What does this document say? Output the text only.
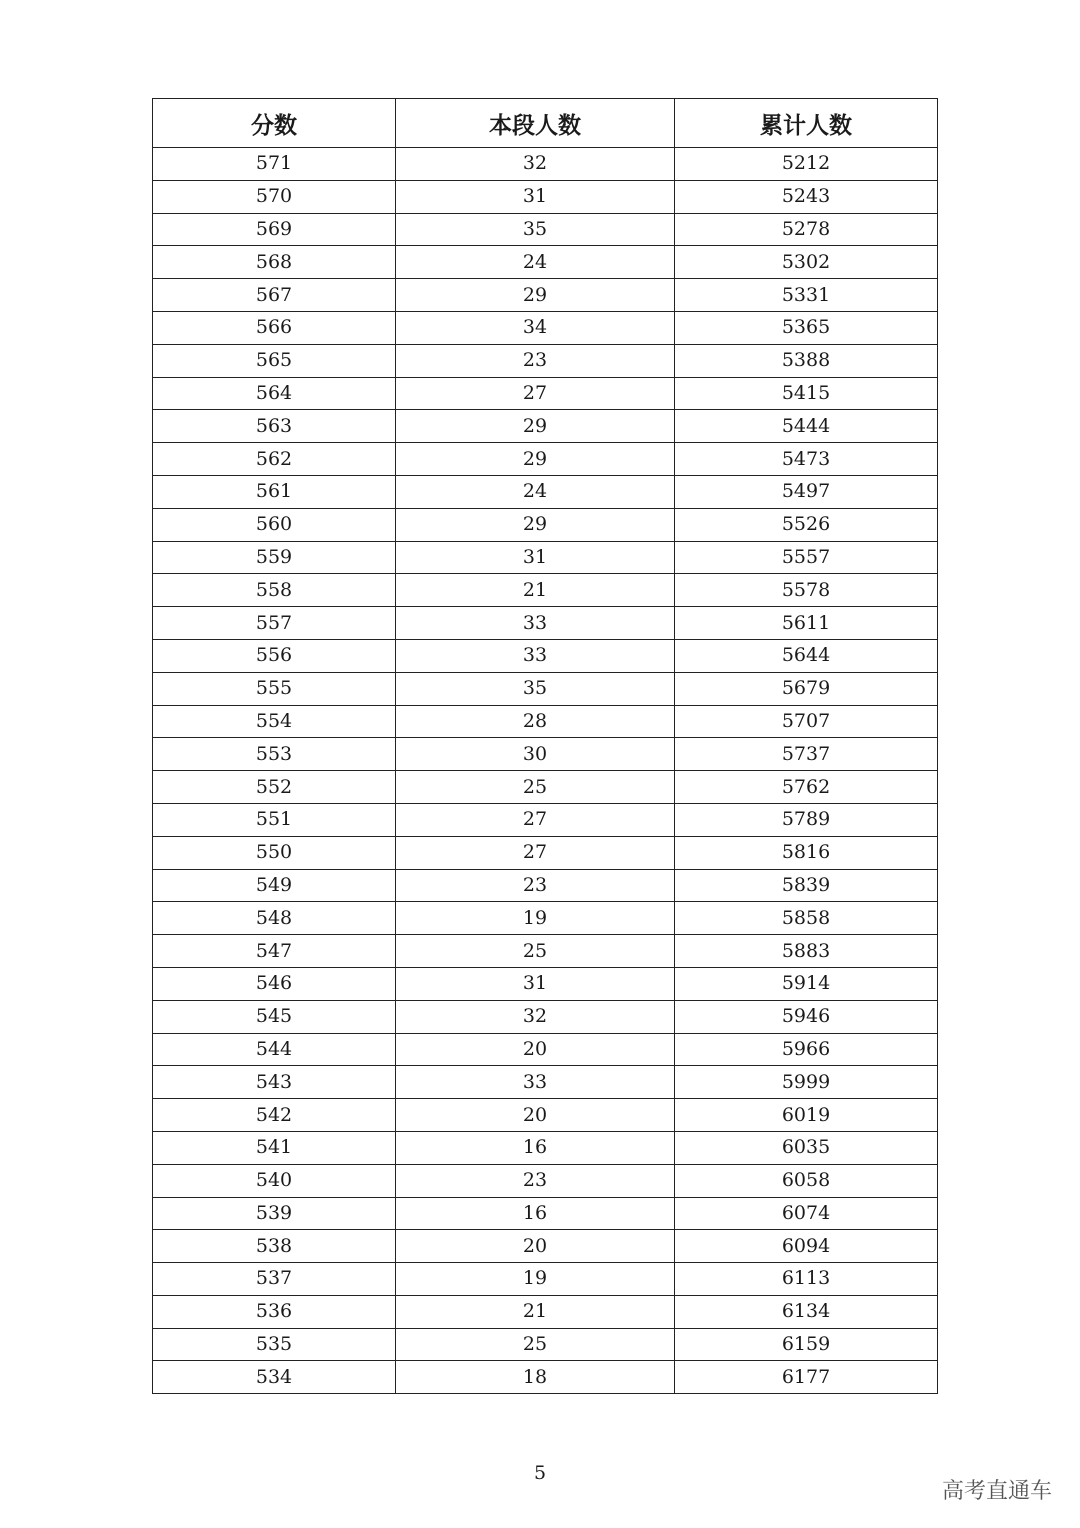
分数	本段人数	累计人数
571	32	5212
570	31	5243
569	35	5278
568	24	5302
567	29	5331
566	34	5365
565	23	5388
564	27	5415
563	29	5444
562	29	5473
561	24	5497
560	29	5526
559	31	5557
558	21	5578
557	33	5611
556	33	5644
555	35	5679
554	28	5707
553	30	5737
552	25	5762
551	27	5789
550	27	5816
549	23	5839
548	19	5858
547	25	5883
546	31	5914
545	32	5946
544	20	5966
543	33	5999
542	20	6019
541	16	6035
540	23	6058
539	16	6074
538	20	6094
537	19	6113
536	21	6134
535	25	6159
534	18	6177
5
高考直通车
